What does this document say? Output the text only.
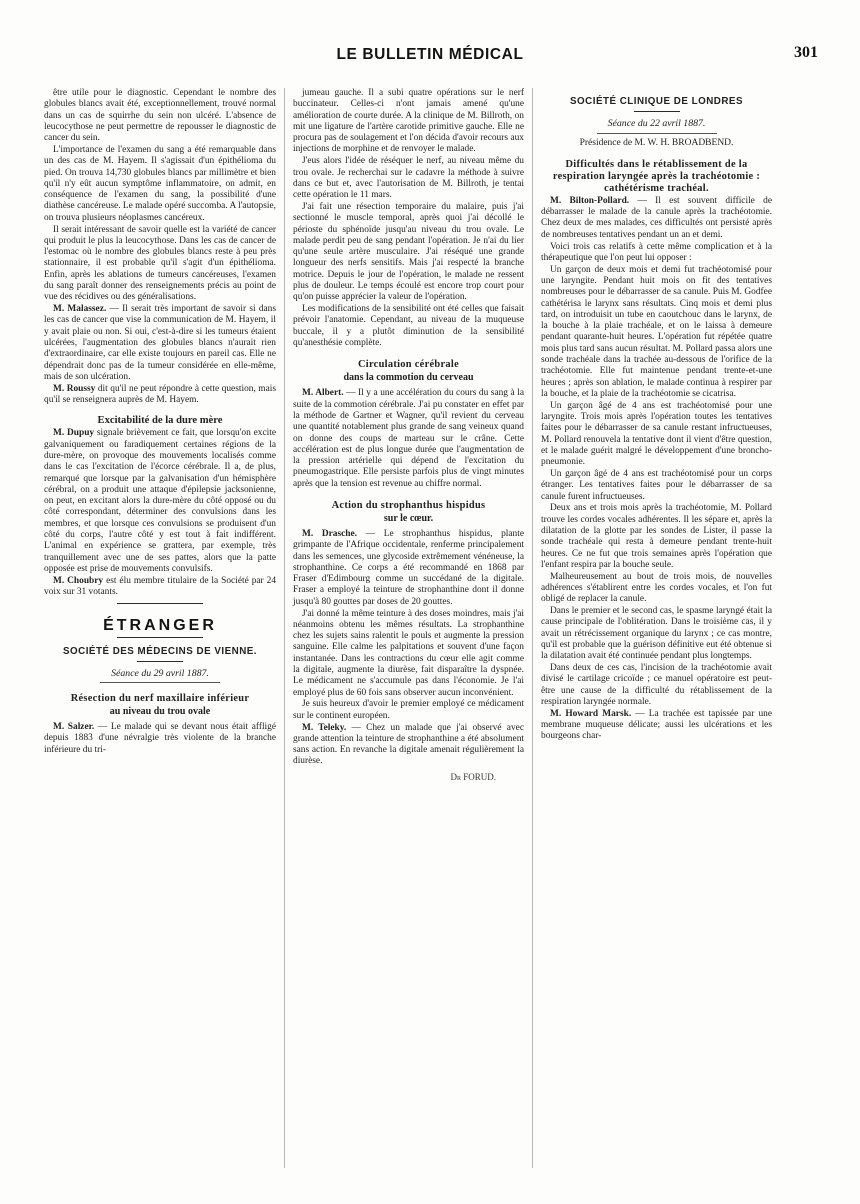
LE BULLETIN MÉDICAL	301

être utile pour le diagnostic. Cependant le nombre des globules blancs avait été, exceptionnellement, trouvé normal dans un cas de squirrhe du sein non ulcéré. L'absence de leucocythose ne peut permettre de repousser le diagnostic de cancer du sein.

L'importance de l'examen du sang a été remarquable dans un des cas de M. Hayem. Il s'agissait d'un épithélioma du pied. On trouva 14,730 globules blancs par millimètre et bien qu'il n'y eût aucun symptôme inflammatoire, on admit, en conséquence de l'examen du sang, la possibilité d'une diathèse cancéreuse. Le malade opéré succomba. A l'autopsie, on trouva plusieurs néoplasmes cancéreux.

Il serait intéressant de savoir quelle est la variété de cancer qui produit le plus la leucocythose. Dans les cas de cancer de l'estomac où le nombre des globules blancs reste à peu près stationnaire, il est probable qu'il s'agit d'un épithélioma. Enfin, après les ablations de tumeurs cancéreuses, l'examen du sang paraît donner des renseignements précis au point de vue des récidives ou des généralisations.

M. Malassez. — Il serait très important de savoir si dans les cas de cancer que vise la communication de M. Hayem, il y avait plaie ou non. Si oui, c'est-à-dire si les tumeurs étaient ulcérées, l'augmentation des globules blancs n'aurait rien d'extraordinaire, car elle existe toujours en pareil cas. Elle ne dépendrait donc pas de la tumeur considérée en elle-même, mais de son ulcération.

M. Roussy dit qu'il ne peut répondre à cette question, mais qu'il se renseignera auprès de M. Hayem.

Excitabilité de la dure mère

M. Dupuy signale brièvement ce fait, que lorsqu'on excite galvaniquement ou faradiquement certaines régions de la dure-mère, on provoque des mouvements localisés comme dans le cas l'excitation de l'écorce cérébrale. Il a, de plus, remarqué que lorsque par la galvanisation d'un hémisphère cérébral, on a produit une attaque d'épilepsie jacksonienne, on peut, en excitant alors la dure-mère du côté opposé ou du côté correspondant, déterminer des convulsions dans les membres, et que lorsque ces convulsions se produisent d'un côté du corps, l'autre côté y est tout à fait indifférent. L'animal en expérience se grattera, par exemple, très tranquillement avec une de ses pattes, alors que la patte opposée est prise de mouvements convulsifs.

M. Choubry est élu membre titulaire de la Société par 24 voix sur 31 votants.

ÉTRANGER
SOCIÉTÉ DES MÉDECINS DE VIENNE.
Séance du 29 avril 1887.
Résection du nerf maxillaire inférieur
au niveau du trou ovale

M. Salzer. — Le malade qui se devant nous était affligé depuis 1883 d'une névralgie très violente de la branche inférieure du tri-

jumeau gauche. Il a subi quatre opérations sur le nerf buccinateur. Celles-ci n'ont jamais amené qu'une amélioration de courte durée. A la clinique de M. Billroth, on mit une ligature de l'artère carotide primitive gauche. Elle ne procura pas de soulagement et l'on décida d'avoir recours aux injections de morphine et de renvoyer le malade.

J'eus alors l'idée de réséquer le nerf, au niveau même du trou ovale. Je recherchai sur le cadavre la méthode à suivre dans ce but et, avec l'autorisation de M. Billroth, je tentai cette opération le 11 mars.

J'ai fait une résection temporaire du malaire, puis j'ai sectionné le muscle temporal, après quoi j'ai décollé le périoste du sphénoïde jusqu'au niveau du trou ovale. Le malade perdit peu de sang pendant l'opération. Je n'ai du lier qu'une seule artère musculaire. J'ai réséqué une grande longueur des nerfs sensitifs. Mais j'ai respecté la branche motrice. Depuis le jour de l'opération, le malade ne ressent plus de douleur. Le temps écoulé est encore trop court pour qu'on puisse apprécier la valeur de l'opération.

Les modifications de la sensibilité ont été celles que faisait prévoir l'anatomie. Cependant, au niveau de la muqueuse buccale, il y a plutôt diminution de la sensibilité qu'anesthésie complète.

Circulation cérébrale
dans la commotion du cerveau

M. Albert. — Il y a une accélération du cours du sang à la suite de la commotion cérébrale. J'ai pu constater en effet par la méthode de Gartner et Wagner, qu'il revient du cerveau une quantité notablement plus grande de sang veineux quand on donne des coups de marteau sur le crâne. Cette accélération est de plus longue durée que l'augmentation de la pression artérielle qui dépend de l'excitation du pneumogastrique. Elle persiste parfois plus de vingt minutes après que la tension est revenue au chiffre normal.

Action du strophanthus hispidus
sur le cœur.

M. Drasche. — Le strophanthus hispidus, plante grimpante de l'Afrique occidentale, renferme principalement dans les semences, une glycoside extrêmement vénéneuse, la strophanthine. Ce corps a été recommandé en 1868 par Fraser d'Edimbourg comme un succédané de la digitale. Fraser a employé la teinture de strophanthine dont il donne jusqu'à 80 gouttes par doses de 20 gouttes.

J'ai donné la même teinture à des doses moindres, mais j'ai néanmoins obtenu les mêmes résultats. La strophanthine chez les sujets sains ralentit le pouls et augmente la pression sanguine. Elle calme les palpitations et souvent d'une façon instantanée. Dans les contractions du cœur elle agit comme la digitale, augmente la diurèse, fait disparaître la dyspnée. Le médicament ne s'accumule pas dans l'économie. Je l'ai employé plus de 60 fois sans observer aucun inconvénient.

Je suis heureux d'avoir le premier employé ce médicament sur le continent européen.

M. Teleky. — Chez un malade que j'ai observé avec grande attention la teinture de strophanthine a été absolument sans action. En revanche la digitale amenait régulièrement la diurèse.

Dr FORUD.
SOCIÉTÉ CLINIQUE DE LONDRES
Séance du 22 avril 1887.
Présidence de M. W. H. BROADBEND.
Difficultés dans le rétablissement de la respiration laryngée après la trachéotomie : cathétérisme trachéal.

M. Bilton-Pollard. — Il est souvent difficile de débarrasser le malade de la canule après la trachéotomie. Chez deux de mes malades, ces difficultés ont persisté après de nombreuses tentatives pendant un an et demi.

Voici trois cas relatifs à cette même complication et à la thérapeutique que l'on peut lui opposer :

Un garçon de deux mois et demi fut trachéotomisé pour une laryngite. Pendant huit mois on fit des tentatives nombreuses pour le débarrasser de sa canule. Puis M. Godfee cathétérisa le larynx sans résultats. Cinq mois et demi plus tard, on introduisit un tube en caoutchouc dans le larynx, de la bouche à la plaie trachéale, et on le laissa à demeure pendant quarante-huit heures. L'opération fut répétée quatre mois plus tard sans aucun résultat. M. Pollard passa alors une sonde trachéale dans la trachée au-dessous de l'orifice de la trachéotomie. Elle fut maintenue pendant trente-et-une heures ; après son ablation, le malade continua à respirer par la bouche, et la plaie de la trachéotomie se cicatrisa.

Un garçon âgé de 4 ans est trachéotomisé pour une laryngite. Trois mois après l'opération toutes les tentatives faites pour le débarrasser de sa canule restant infructueuses, M. Pollard renouvela la tentative dont il vient d'être question, et le malade guérit malgré le développement d'une broncho-pneumonie.

Un garçon âgé de 4 ans est trachéotomisé pour un corps étranger. Les tentatives faites pour le débarrasser de sa canule furent infructueuses.

Deux ans et trois mois après la trachéotomie, M. Pollard trouve les cordes vocales adhérentes. Il les sépare et, après la dilatation de la glotte par les sondes de Lister, il passe la sonde trachéale qui resta à demeure pendant trente-huit heures. Ce ne fut que trois semaines après l'opération que l'enfant respira par la bouche seule.

Malheureusement au bout de trois mois, de nouvelles adhérences s'établirent entre les cordes vocales, et l'on fut obligé de replacer la canule.

Dans le premier et le second cas, le spasme laryngé était la cause principale de l'oblitération. Dans le troisième cas, il y avait un rétrécissement organique du larynx ; ce cas montre, qu'il est probable que la guérison définitive eut été obtenue si la dilatation avait été continuée pendant plus longtemps.

Dans deux de ces cas, l'incision de la trachéotomie avait divisé le cartilage cricoïde ; ce manuel opératoire est peut-être une cause de la difficulté du rétablissement de la respiration laryngée normale.

M. Howard Marsk. — La trachée est tapissée par une membrane muqueuse délicate; aussi les ulcérations et les bourgeons char-
